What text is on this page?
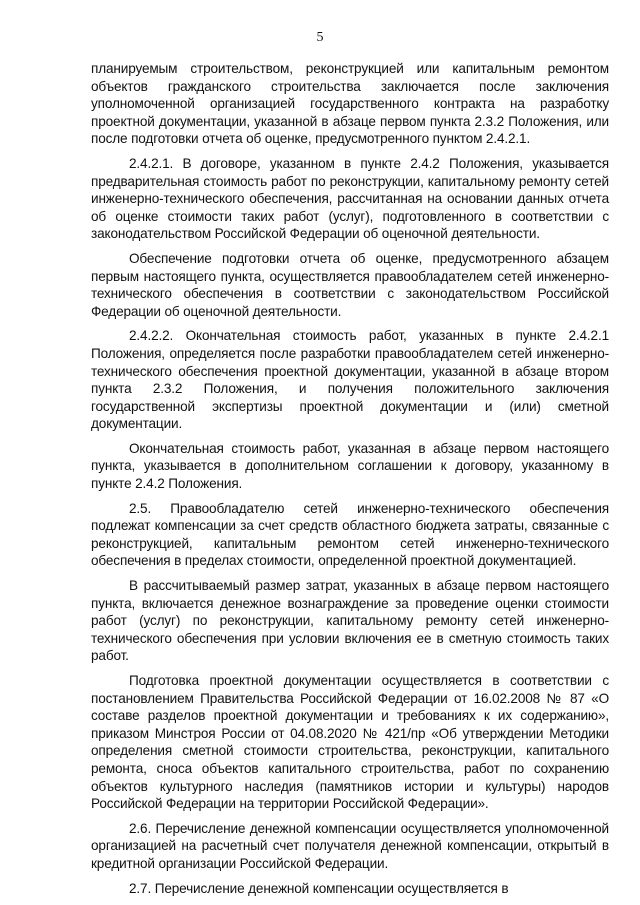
5

планируемым строительством, реконструкцией или капитальным ремонтом объектов гражданского строительства заключается после заключения уполномоченной организацией государственного контракта на разработку проектной документации, указанной в абзаце первом пункта 2.3.2 Положения, или после подготовки отчета об оценке, предусмотренного пунктом 2.4.2.1.

2.4.2.1. В договоре, указанном в пункте 2.4.2 Положения, указывается предварительная стоимость работ по реконструкции, капитальному ремонту сетей инженерно-технического обеспечения, рассчитанная на основании данных отчета об оценке стоимости таких работ (услуг), подготовленного в соответствии с законодательством Российской Федерации об оценочной деятельности.

Обеспечение подготовки отчета об оценке, предусмотренного абзацем первым настоящего пункта, осуществляется правообладателем сетей инженерно-технического обеспечения в соответствии с законодательством Российской Федерации об оценочной деятельности.

2.4.2.2. Окончательная стоимость работ, указанных в пункте 2.4.2.1 Положения, определяется после разработки правообладателем сетей инженерно-технического обеспечения проектной документации, указанной в абзаце втором пункта 2.3.2 Положения, и получения положительного заключения государственной экспертизы проектной документации и (или) сметной документации.

Окончательная стоимость работ, указанная в абзаце первом настоящего пункта, указывается в дополнительном соглашении к договору, указанному в пункте 2.4.2 Положения.

2.5. Правообладателю сетей инженерно-технического обеспечения подлежат компенсации за счет средств областного бюджета затраты, связанные с реконструкцией, капитальным ремонтом сетей инженерно-технического обеспечения в пределах стоимости, определенной проектной документацией.

В рассчитываемый размер затрат, указанных в абзаце первом настоящего пункта, включается денежное вознаграждение за проведение оценки стоимости работ (услуг) по реконструкции, капитальному ремонту сетей инженерно-технического обеспечения при условии включения ее в сметную стоимость таких работ.

Подготовка проектной документации осуществляется в соответствии с постановлением Правительства Российской Федерации от 16.02.2008 № 87 «О составе разделов проектной документации и требованиях к их содержанию», приказом Минстроя России от 04.08.2020 № 421/пр «Об утверждении Методики определения сметной стоимости строительства, реконструкции, капитального ремонта, сноса объектов капитального строительства, работ по сохранению объектов культурного наследия (памятников истории и культуры) народов Российской Федерации на территории Российской Федерации».

2.6. Перечисление денежной компенсации осуществляется уполномоченной организацией на расчетный счет получателя денежной компенсации, открытый в кредитной организации Российской Федерации.

2.7. Перечисление денежной компенсации осуществляется в
